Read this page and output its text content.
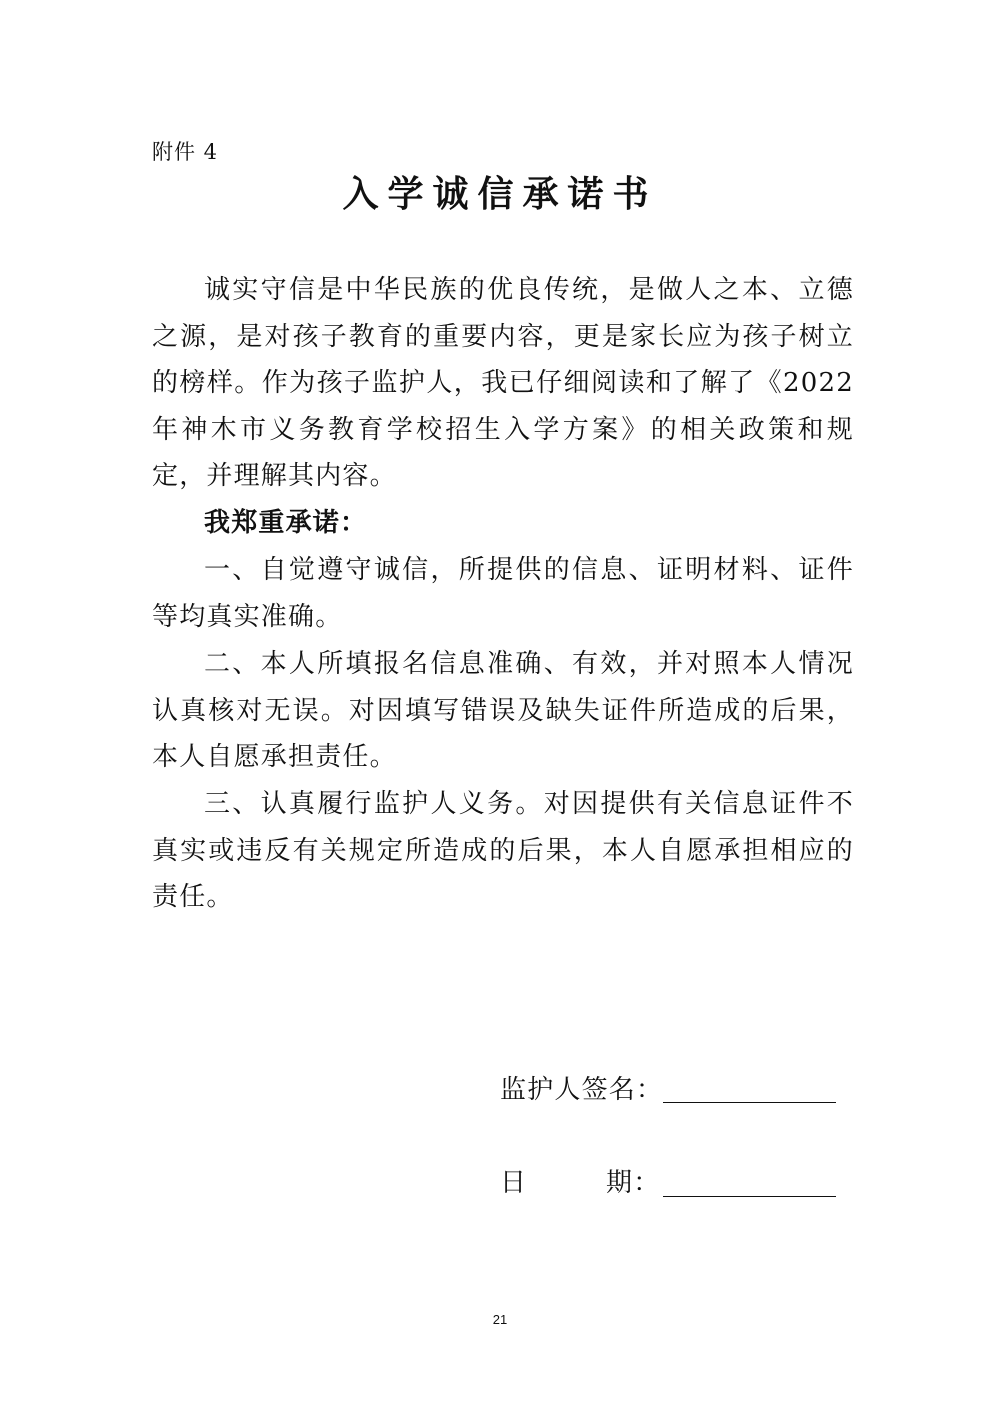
附件 4
入学诚信承诺书

诚实守信是中华民族的优良传统，是做人之本、立德之源，是对孩子教育的重要内容，更是家长应为孩子树立的榜样。作为孩子监护人，我已仔细阅读和了解了《2022年神木市义务教育学校招生入学方案》的相关政策和规定，并理解其内容。

我郑重承诺：

一、自觉遵守诚信，所提供的信息、证明材料、证件等均真实准确。

二、本人所填报名信息准确、有效，并对照本人情况认真核对无误。对因填写错误及缺失证件所造成的后果，本人自愿承担责任。

三、认真履行监护人义务。对因提供有关信息证件不真实或违反有关规定所造成的后果，本人自愿承担相应的责任。

监护人签名：
日	期：
21
